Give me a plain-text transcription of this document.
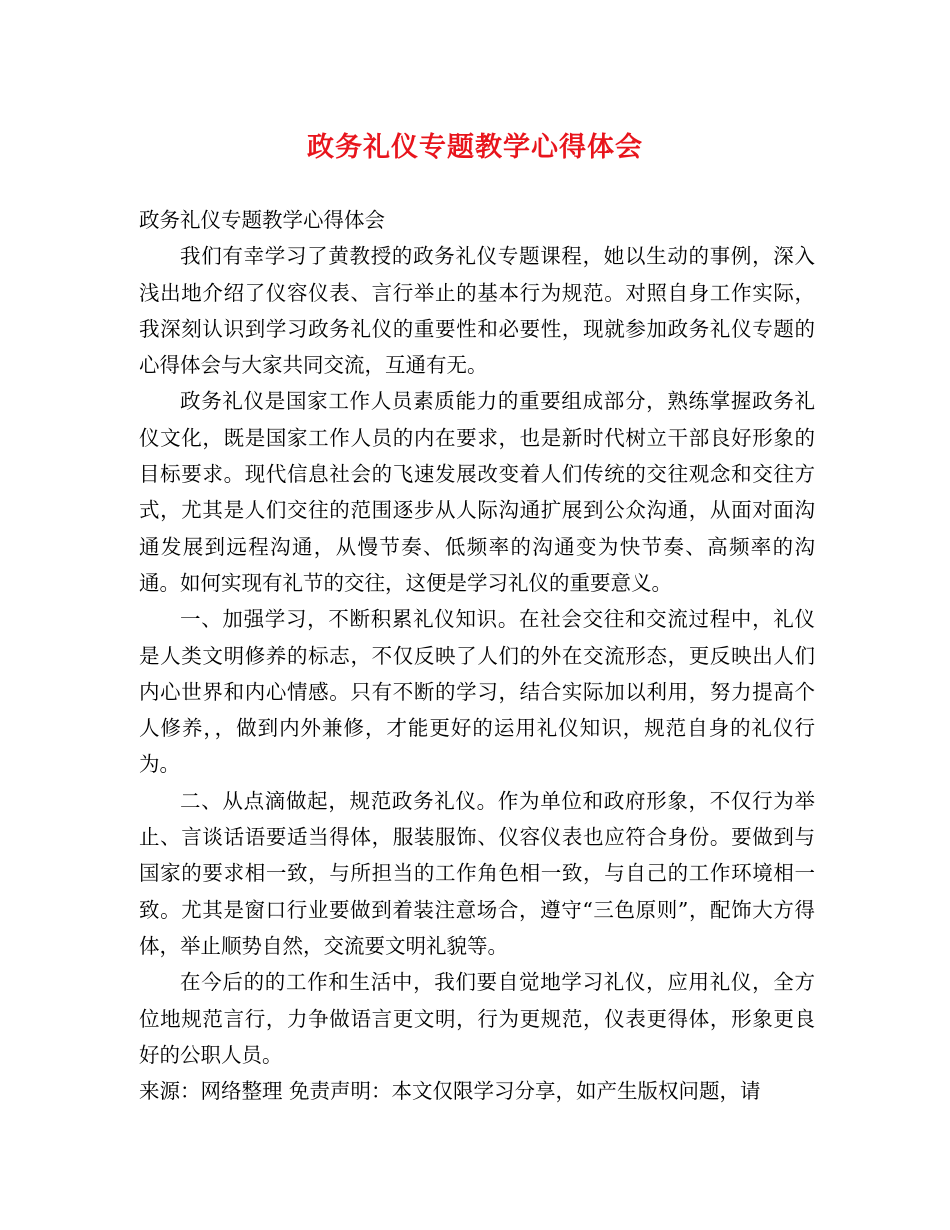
政务礼仪专题教学心得体会

政务礼仪专题教学心得体会

我们有幸学习了黄教授的政务礼仪专题课程，她以生动的事例，深入浅出地介绍了仪容仪表、言行举止的基本行为规范。对照自身工作实际，我深刻认识到学习政务礼仪的重要性和必要性，现就参加政务礼仪专题的心得体会与大家共同交流，互通有无。

政务礼仪是国家工作人员素质能力的重要组成部分，熟练掌握政务礼仪文化，既是国家工作人员的内在要求，也是新时代树立干部良好形象的目标要求。现代信息社会的飞速发展改变着人们传统的交往观念和交往方式，尤其是人们交往的范围逐步从人际沟通扩展到公众沟通，从面对面沟通发展到远程沟通，从慢节奏、低频率的沟通变为快节奏、高频率的沟通。如何实现有礼节的交往，这便是学习礼仪的重要意义。

一、加强学习，不断积累礼仪知识。在社会交往和交流过程中，礼仪是人类文明修养的标志，不仅反映了人们的外在交流形态，更反映出人们内心世界和内心情感。只有不断的学习，结合实际加以利用，努力提高个人修养，，做到内外兼修，才能更好的运用礼仪知识，规范自身的礼仪行为。

二、从点滴做起，规范政务礼仪。作为单位和政府形象，不仅行为举止、言谈话语要适当得体，服装服饰、仪容仪表也应符合身份。要做到与国家的要求相一致，与所担当的工作角色相一致，与自己的工作环境相一致。尤其是窗口行业要做到着装注意场合，遵守“三色原则”，配饰大方得体，举止顺势自然，交流要文明礼貌等。

在今后的的工作和生活中，我们要自觉地学习礼仪，应用礼仪，全方位地规范言行，力争做语言更文明，行为更规范，仪表更得体，形象更良好的公职人员。

来源：网络整理 免责声明：本文仅限学习分享，如产生版权问题，请
